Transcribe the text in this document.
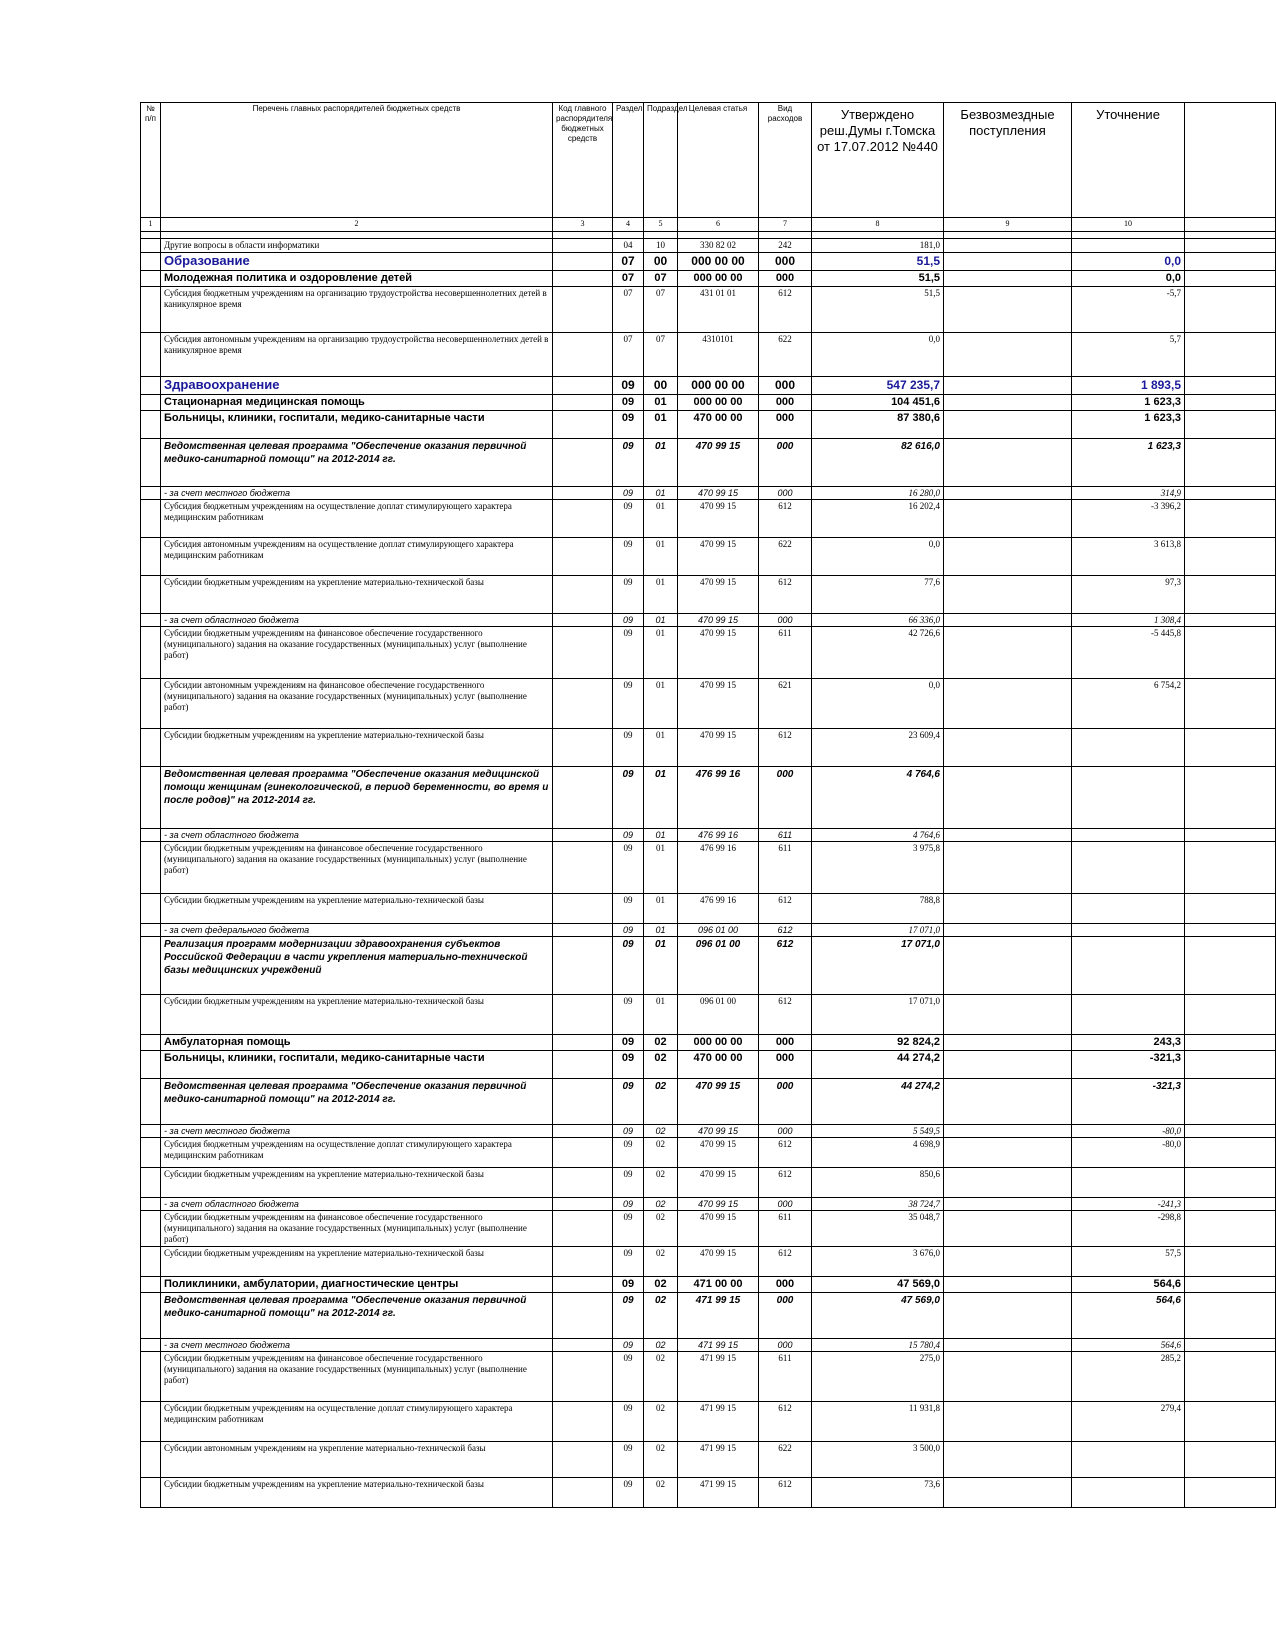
№ п/п	Перечень главных распорядителей бюджетных средств	Код главного распорядителя бюджетных средств	Раздел	Подраздел	Целевая статья	Вид расходов	Утверждено реш.Думы г.Томска от 17.07.2012 №440	Безвозмездные поступления	Уточнение	
1	2	3	4	5	6	7	8	9	10	

	Другие вопросы в области информатики		04	10	330 82 02	242	181,0			
	Образование		07	00	000 00 00	000	51,5		0,0	
	Молодежная политика и оздоровление детей		07	07	000 00 00	000	51,5		0,0	
	Субсидия бюджетным учреждениям на организацию трудоустройства несовершеннолетних детей в каникулярное время		07	07	431 01 01	612	51,5		-5,7	
	Субсидия автономным учреждениям на организацию трудоустройства несовершеннолетних детей в каникулярное время		07	07	4310101	622	0,0		5,7	
	Здравоохранение		09	00	000 00 00	000	547 235,7		1 893,5	
	Стационарная медицинская помощь		09	01	000 00 00	000	104 451,6		1 623,3	
	Больницы, клиники, госпитали, медико-санитарные части		09	01	470 00 00	000	87 380,6		1 623,3	
	Ведомственная целевая программа "Обеспечение оказания первичной медико-санитарной помощи" на 2012-2014 гг.		09	01	470 99 15	000	82 616,0		1 623,3	
	- за счет местного бюджета		09	01	470 99 15	000	16 280,0		314,9	
	Субсидия бюджетным учреждениям на осуществление доплат стимулирующего характера медицинским работникам		09	01	470 99 15	612	16 202,4		-3 396,2	
	Субсидия автономным учреждениям на осуществление доплат стимулирующего характера медицинским работникам		09	01	470 99 15	622	0,0		3 613,8	
	Субсидии бюджетным учреждениям на укрепление материально-технической базы		09	01	470 99 15	612	77,6		97,3	
	- за счет областного бюджета		09	01	470 99 15	000	66 336,0		1 308,4	
	Субсидии бюджетным учреждениям на финансовое обеспечение государственного (муниципального) задания на оказание государственных (муниципальных) услуг (выполнение работ)		09	01	470 99 15	611	42 726,6		-5 445,8	
	Субсидии автономным учреждениям на финансовое обеспечение государственного (муниципального) задания на оказание государственных (муниципальных) услуг (выполнение работ)		09	01	470 99 15	621	0,0		6 754,2	
	Субсидии бюджетным учреждениям на укрепление материально-технической базы		09	01	470 99 15	612	23 609,4			
	Ведомственная целевая программа "Обеспечение оказания медицинской помощи женщинам (гинекологической, в период беременности, во время и после родов)" на 2012-2014 гг.		09	01	476 99 16	000	4 764,6			
	- за счет областного бюджета		09	01	476 99 16	611	4 764,6			
	Субсидии бюджетным учреждениям на финансовое обеспечение государственного (муниципального) задания на оказание государственных (муниципальных) услуг (выполнение работ)		09	01	476 99 16	611	3 975,8			
	Субсидии бюджетным учреждениям на укрепление материально-технической базы		09	01	476 99 16	612	788,8			
	- за счет федерального бюджета		09	01	096 01 00	612	17 071,0			
	Реализация программ модернизации здравоохранения субъектов Российской Федерации в части укрепления материально-технической базы медицинских учреждений		09	01	096 01 00	612	17 071,0			
	Субсидии бюджетным учреждениям на укрепление материально-технической базы		09	01	096 01 00	612	17 071,0			
	Амбулаторная помощь		09	02	000 00 00	000	92 824,2		243,3	
	Больницы, клиники, госпитали, медико-санитарные части		09	02	470 00 00	000	44 274,2		-321,3	
	Ведомственная целевая программа "Обеспечение оказания первичной медико-санитарной помощи" на 2012-2014 гг.		09	02	470 99 15	000	44 274,2		-321,3	
	- за счет местного бюджета		09	02	470 99 15	000	5 549,5		-80,0	
	Субсидия бюджетным учреждениям на осуществление доплат стимулирующего характера медицинским работникам		09	02	470 99 15	612	4 698,9		-80,0	
	Субсидии бюджетным учреждениям на укрепление материально-технической базы		09	02	470 99 15	612	850,6			
	- за счет областного бюджета		09	02	470 99 15	000	38 724,7		-241,3	
	Субсидии бюджетным учреждениям на финансовое обеспечение государственного (муниципального) задания на оказание государственных (муниципальных) услуг (выполнение работ)		09	02	470 99 15	611	35 048,7		-298,8	
	Субсидии бюджетным учреждениям на укрепление материально-технической базы		09	02	470 99 15	612	3 676,0		57,5	
	Поликлиники, амбулатории, диагностические центры		09	02	471 00 00	000	47 569,0		564,6	
	Ведомственная целевая программа "Обеспечение оказания первичной медико-санитарной помощи" на 2012-2014 гг.		09	02	471 99 15	000	47 569,0		564,6	
	- за счет местного бюджета		09	02	471 99 15	000	15 780,4		564,6	
	Субсидии бюджетным учреждениям на финансовое обеспечение государственного (муниципального) задания на оказание государственных (муниципальных) услуг (выполнение работ)		09	02	471 99 15	611	275,0		285,2	
	Субсидии бюджетным учреждениям на осуществление доплат стимулирующего характера медицинским работникам		09	02	471 99 15	612	11 931,8		279,4	
	Субсидии автономным учреждениям на укрепление материально-технической базы		09	02	471 99 15	622	3 500,0			
	Субсидии бюджетным учреждениям на укрепление материально-технической базы		09	02	471 99 15	612	73,6			
